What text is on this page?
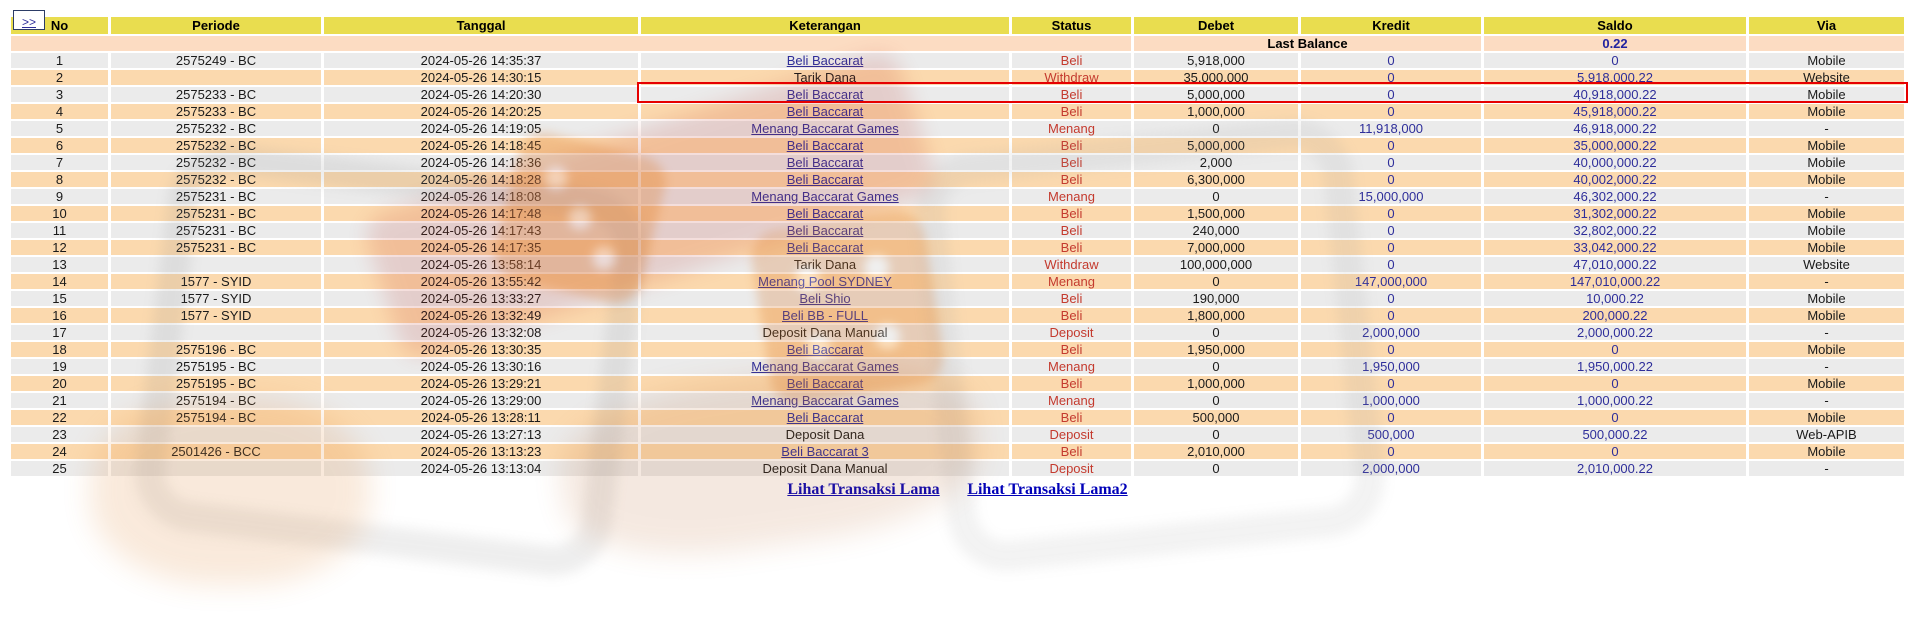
>> No	Periode	Tanggal	Keterangan	Status	Debet	Kredit	Saldo	Via
					Last Balance		0.22	
1	2575249 - BC	2024-05-26 14:35:37	Beli Baccarat	Beli	5,918,000	0	0	Mobile
2		2024-05-26 14:30:15	Tarik Dana	Withdraw	35,000,000	0	5,918,000.22	Website
3	2575233 - BC	2024-05-26 14:20:30	Beli Baccarat	Beli	5,000,000	0	40,918,000.22	Mobile
4	2575233 - BC	2024-05-26 14:20:25	Beli Baccarat	Beli	1,000,000	0	45,918,000.22	Mobile
5	2575232 - BC	2024-05-26 14:19:05	Menang Baccarat Games	Menang	0	11,918,000	46,918,000.22	-
6	2575232 - BC	2024-05-26 14:18:45	Beli Baccarat	Beli	5,000,000	0	35,000,000.22	Mobile
7	2575232 - BC	2024-05-26 14:18:36	Beli Baccarat	Beli	2,000	0	40,000,000.22	Mobile
8	2575232 - BC	2024-05-26 14:18:28	Beli Baccarat	Beli	6,300,000	0	40,002,000.22	Mobile
9	2575231 - BC	2024-05-26 14:18:08	Menang Baccarat Games	Menang	0	15,000,000	46,302,000.22	-
10	2575231 - BC	2024-05-26 14:17:48	Beli Baccarat	Beli	1,500,000	0	31,302,000.22	Mobile
11	2575231 - BC	2024-05-26 14:17:43	Beli Baccarat	Beli	240,000	0	32,802,000.22	Mobile
12	2575231 - BC	2024-05-26 14:17:35	Beli Baccarat	Beli	7,000,000	0	33,042,000.22	Mobile
13		2024-05-26 13:58:14	Tarik Dana	Withdraw	100,000,000	0	47,010,000.22	Website
14	1577 - SYID	2024-05-26 13:55:42	Menang Pool SYDNEY	Menang	0	147,000,000	147,010,000.22	-
15	1577 - SYID	2024-05-26 13:33:27	Beli Shio	Beli	190,000	0	10,000.22	Mobile
16	1577 - SYID	2024-05-26 13:32:49	Beli BB - FULL	Beli	1,800,000	0	200,000.22	Mobile
17		2024-05-26 13:32:08	Deposit Dana Manual	Deposit	0	2,000,000	2,000,000.22	-
18	2575196 - BC	2024-05-26 13:30:35	Beli Baccarat	Beli	1,950,000	0	0	Mobile
19	2575195 - BC	2024-05-26 13:30:16	Menang Baccarat Games	Menang	0	1,950,000	1,950,000.22	-
20	2575195 - BC	2024-05-26 13:29:21	Beli Baccarat	Beli	1,000,000	0	0	Mobile
21	2575194 - BC	2024-05-26 13:29:00	Menang Baccarat Games	Menang	0	1,000,000	1,000,000.22	-
22	2575194 - BC	2024-05-26 13:28:11	Beli Baccarat	Beli	500,000	0	0	Mobile
23		2024-05-26 13:27:13	Deposit Dana	Deposit	0	500,000	500,000.22	Web-APIB
24	2501426 - BCC	2024-05-26 13:13:23	Beli Baccarat 3	Beli	2,010,000	0	0	Mobile
25		2024-05-26 13:13:04	Deposit Dana Manual	Deposit	0	2,000,000	2,010,000.22	-
Lihat Transaksi Lama Lihat Transaksi Lama2
